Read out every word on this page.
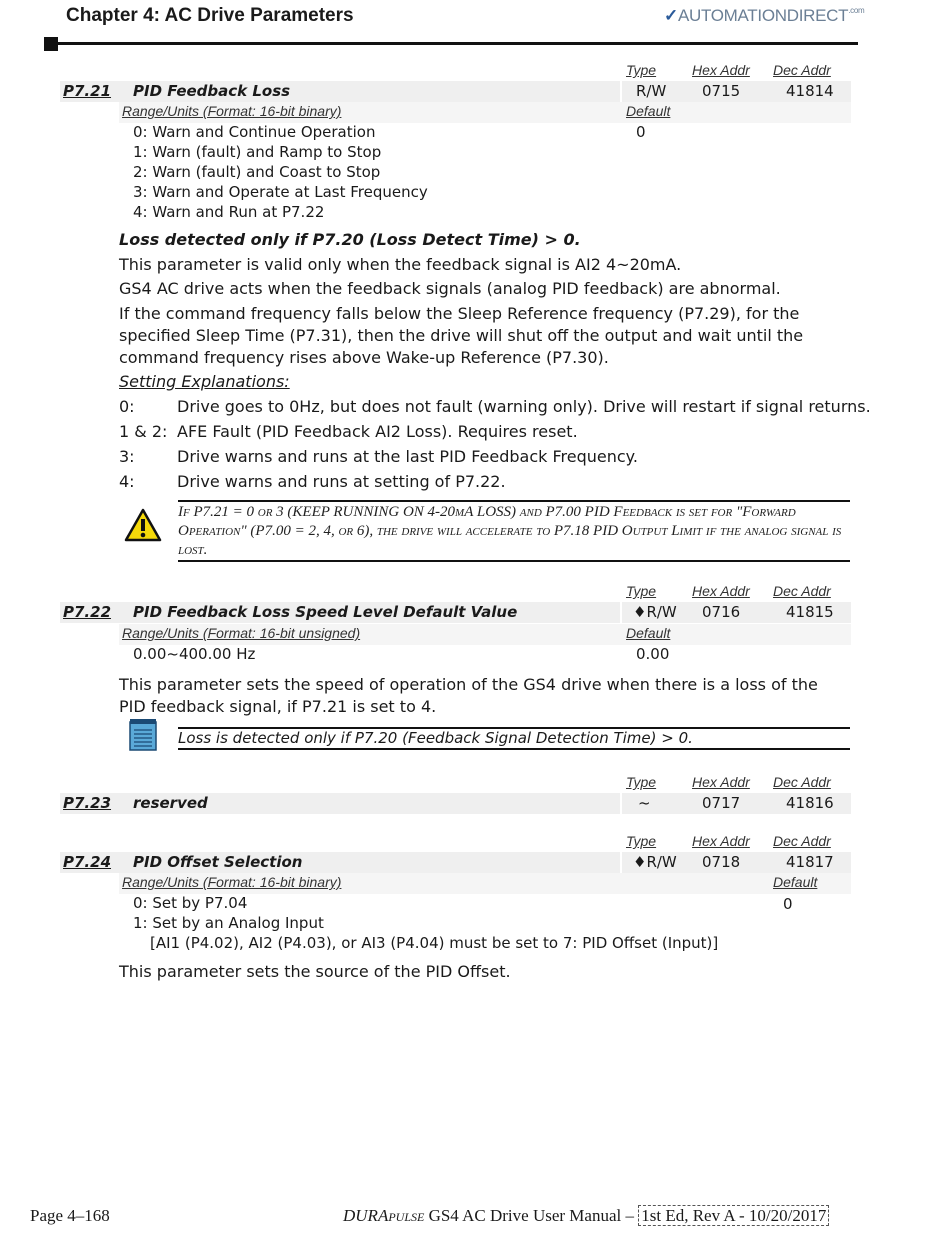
Chapter 4: AC Drive Parameters	$✓AUTOMATIONDIRECT^{.com}$
Type	Hex Addr Dec Addr
P7.21 PID Feedback Loss	R/W 0715	41814
Range/Units (Format: 16-bit binary)	Default
0
0: Warn and Continue Operation
1: Warn (fault) and Ramp to Stop
2: Warn (fault) and Coast to Stop
3: Warn and Operate at Last Frequency
4: Warn and Run at P7.22
Loss detected only if P7.20 (Loss Detect Time) > 0.
This parameter is valid only when the feedback signal is AI2 4~20mA.
GS4 AC drive acts when the feedback signals (analog PID feedback) are abnormal.
If the command frequency falls below the Sleep Reference frequency (P7.29), for the specified Sleep Time (P7.31), then the drive will shut off the output and wait until the command frequency rises above Wake-up Reference (P7.30).
Setting Explanations:
0:	Drive goes to 0Hz, but does not fault (warning only). Drive will restart if signal returns.
1 & 2: AFE Fault (PID Feedback AI2 Loss). Requires reset.
3:	Drive warns and runs at the last PID Feedback Frequency.
4:	Drive warns and runs at setting of P7.22.
If P7.21 = 0 or 3 (KEEP RUNNING ON 4-20mA LOSS) and P7.00 PID Feedback is set for "Forward Operation" (P7.00 = 2, 4, or 6), the drive will accelerate to P7.18 PID Output Limit if the analog signal is lost.
Type	Hex Addr Dec Addr
P7.22 PID Feedback Loss Speed Level Default Value	♦R/W 0716	41815
Range/Units (Format: 16-bit unsigned)	Default
0.00~400.00 Hz	0.00
This parameter sets the speed of operation of the GS4 drive when there is a loss of the PID feedback signal, if P7.21 is set to 4.
Loss is detected only if P7.20 (Feedback Signal Detection Time) > 0.
Type	Hex Addr Dec Addr
P7.23 reserved	~	0717	41816
Type	Hex Addr Dec Addr
P7.24 PID Offset Selection	♦R/W 0718	41817
Range/Units (Format: 16-bit binary)	Default
0
0: Set by P7.04
1: Set by an Analog Input
[AI1 (P4.02), AI2 (P4.03), or AI3 (P4.04) must be set to 7: PID Offset (Input)]
This parameter sets the source of the PID Offset.
Page 4–168	DURApulse GS4 AC Drive User Manual – 1st Ed, Rev A - 10/20/2017
